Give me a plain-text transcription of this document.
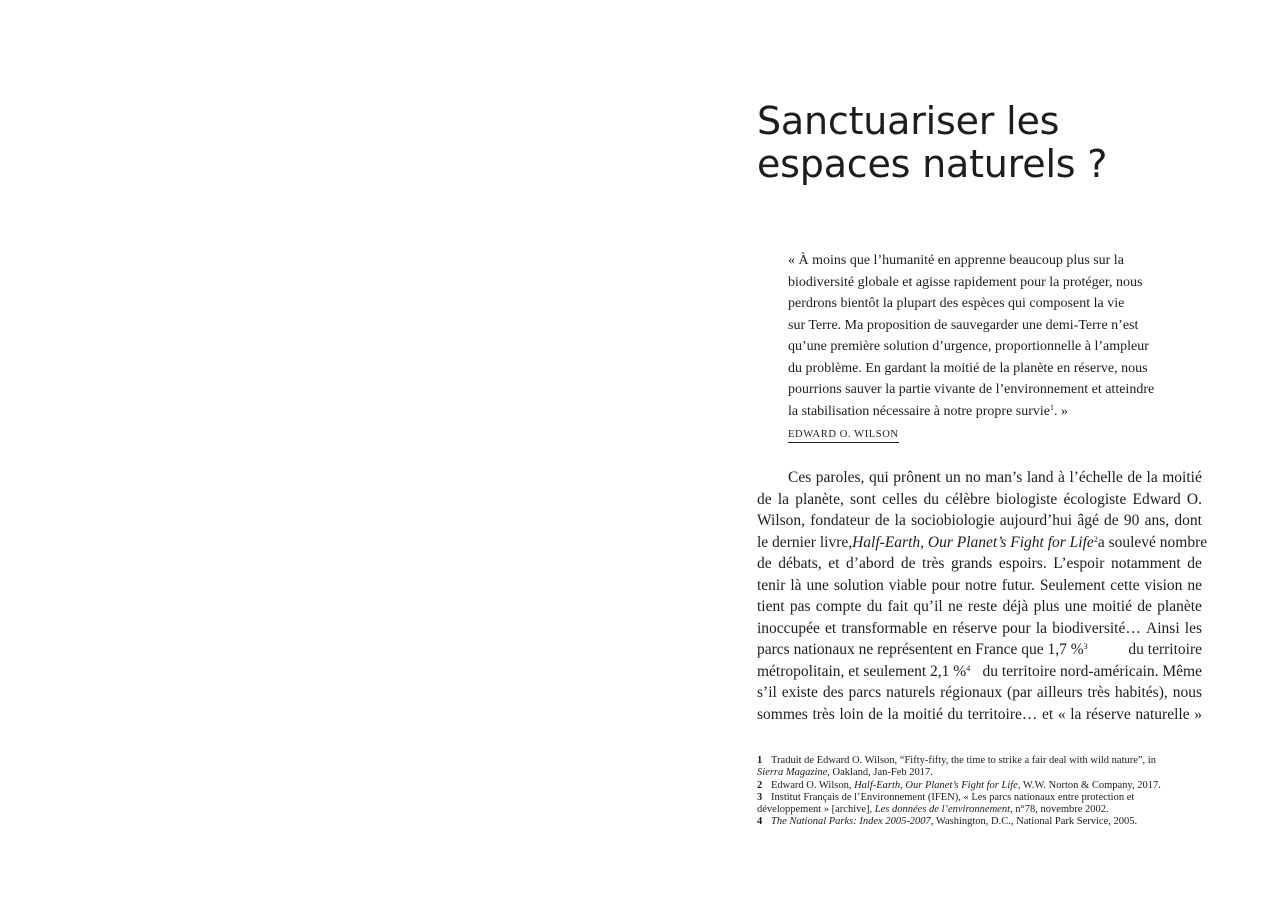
Sanctuariser les
espaces naturels ?
« À moins que l’humanité en apprenne beaucoup plus sur la
biodiversité globale et agisse rapidement pour la protéger, nous
perdrons bientôt la plupart des espèces qui composent la vie
sur Terre. Ma proposition de sauvegarder une demi-Terre n’est
qu’une première solution d’urgence, proportionnelle à l’ampleur
du problème. En gardant la moitié de la planète en réserve, nous
pourrions sauver la partie vivante de l’environnement et atteindre
la stabilisation nécessaire à notre propre survie$^1$. »
EDWARD O. WILSON
Ces paroles, qui prônent un no man’s land à l’échelle de la moitié
de la planète, sont celles du célèbre biologiste écologiste Edward O.
Wilson, fondateur de la sociobiologie aujourd’hui âgé de 90 ans, dont
le dernier livre, Half-Earth, Our Planet’s Fight for Life$^2$ a soulevé nombre
de débats, et d’abord de très grands espoirs. L’espoir notamment de
tenir là une solution viable pour notre futur. Seulement cette vision ne
tient pas compte du fait qu’il ne reste déjà plus une moitié de planète
inoccupée et transformable en réserve pour la biodiversité… Ainsi les
parcs nationaux ne représentent en France que 1,7 %$^3$	du territoire
métropolitain, et seulement 2,1 %$^4$ du territoire nord-américain. Même
s’il existe des parcs naturels régionaux (par ailleurs très habités), nous
sommes très loin de la moitié du territoire… et « la réserve naturelle »
1 Traduit de Edward O. Wilson, “Fifty-fifty, the time to strike a fair deal with wild nature”, in
Sierra Magazine, Oakland, Jan-Feb 2017.
2 Edward O. Wilson, Half-Earth, Our Planet’s Fight for Life, W.W. Norton & Company, 2017.
3 Institut Français de l’Environnement (IFEN), « Les parcs nationaux entre protection et
développement » [archive], Les données de l’environnement, n°78, novembre 2002.
4 The National Parks: Index 2005-2007, Washington, D.C., National Park Service, 2005.
